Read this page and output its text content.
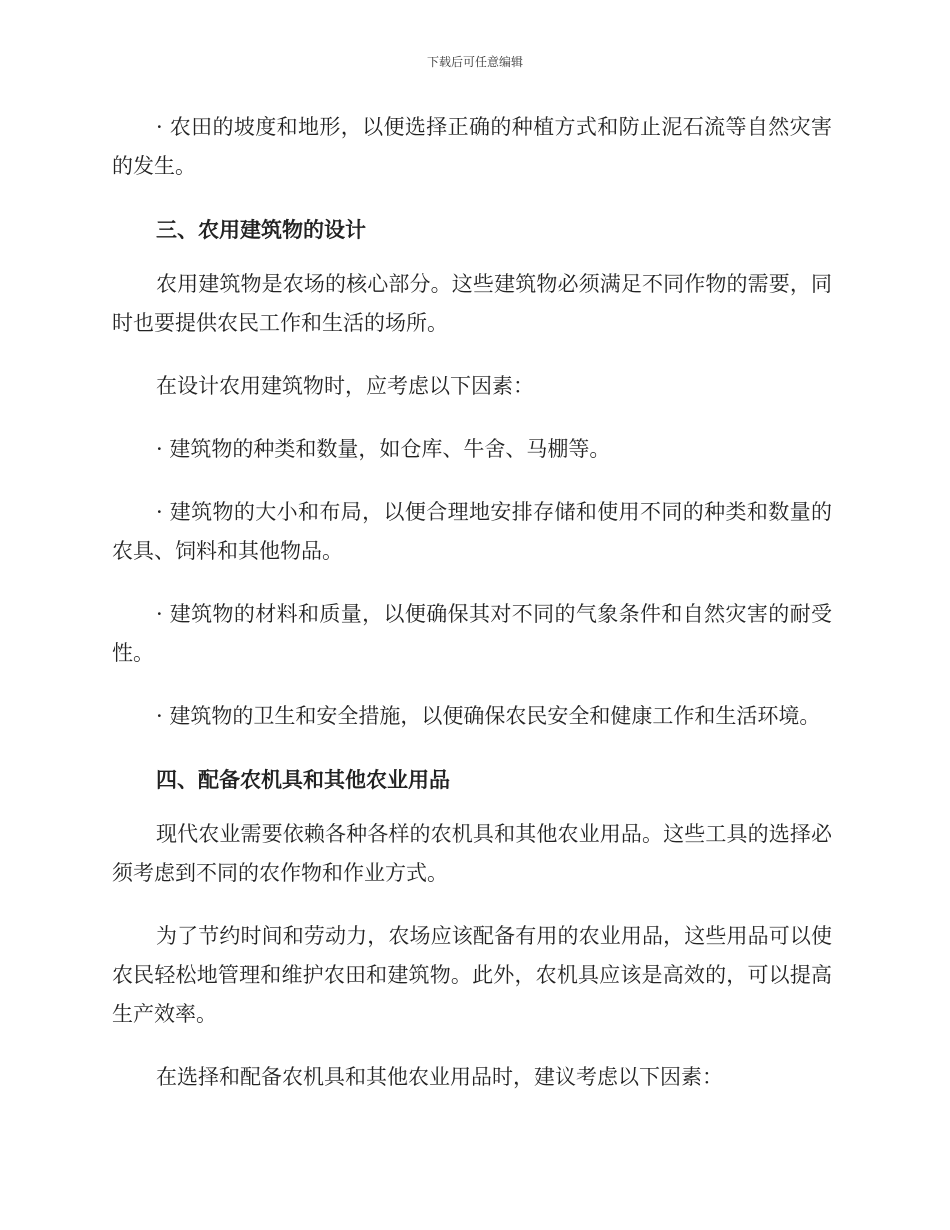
下载后可任意编辑

· 农田的坡度和地形，以便选择正确的种植方式和防止泥石流等自然灾害的发生。

三、农用建筑物的设计

农用建筑物是农场的核心部分。这些建筑物必须满足不同作物的需要，同时也要提供农民工作和生活的场所。

在设计农用建筑物时，应考虑以下因素：

· 建筑物的种类和数量，如仓库、牛舍、马棚等。

· 建筑物的大小和布局，以便合理地安排存储和使用不同的种类和数量的农具、饲料和其他物品。

· 建筑物的材料和质量，以便确保其对不同的气象条件和自然灾害的耐受性。

· 建筑物的卫生和安全措施，以便确保农民安全和健康工作和生活环境。

四、配备农机具和其他农业用品

现代农业需要依赖各种各样的农机具和其他农业用品。这些工具的选择必须考虑到不同的农作物和作业方式。

为了节约时间和劳动力，农场应该配备有用的农业用品，这些用品可以使农民轻松地管理和维护农田和建筑物。此外，农机具应该是高效的，可以提高生产效率。

在选择和配备农机具和其他农业用品时，建议考虑以下因素：
